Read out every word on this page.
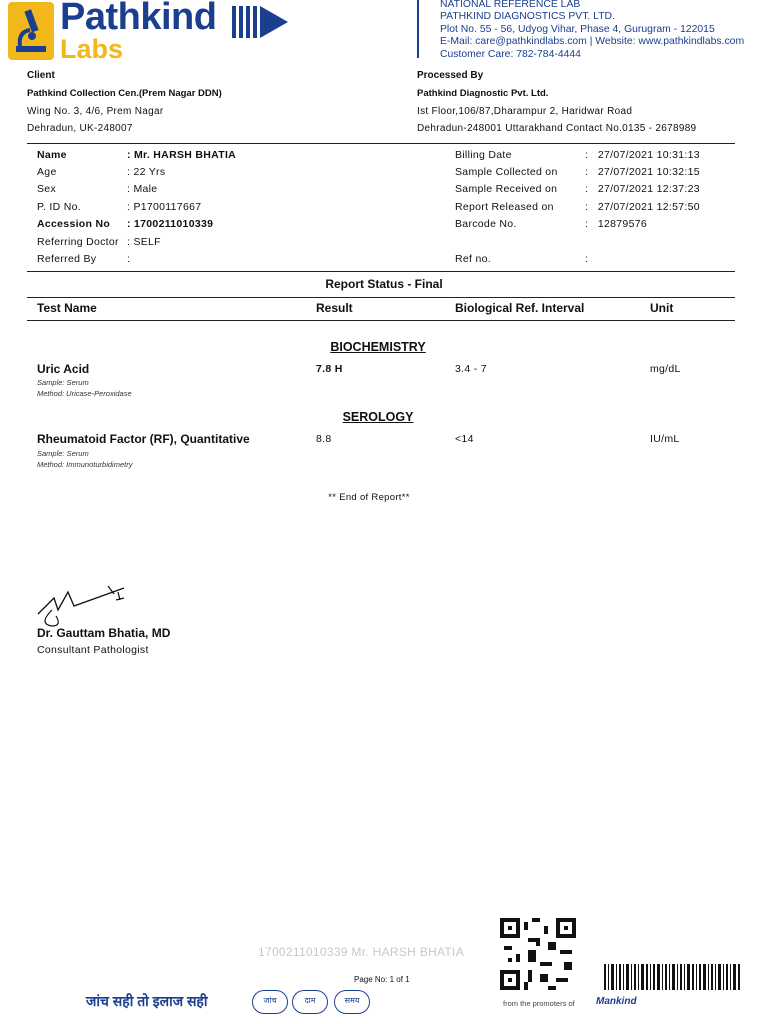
Pathkind
Labs
NATIONAL REFERENCE LAB
PATHKIND DIAGNOSTICS PVT. LTD.
Plot No. 55 - 56, Udyog Vihar, Phase 4, Gurugram - 122015
E-Mail: care@pathkindlabs.com | Website: www.pathkindlabs.com
Customer Care: 782-784-4444
Client
Pathkind Collection Cen.(Prem Nagar DDN)
Wing No. 3, 4/6, Prem Nagar
Dehradun, UK-248007
Processed By
Pathkind Diagnostic Pvt. Ltd.
Ist Floor,106/87,Dharampur 2, Haridwar Road
Dehradun-248001 Uttarakhand Contact No.0135 - 2678989
Name	: Mr. HARSH BHATIA
Age	: 22 Yrs
Sex	: Male
P. ID No.	: P1700117667
Accession No : 1700211010339
Referring Doctor : SELF
Referred By	:
Billing Date	:   27/07/2021 10:31:13
Sample Collected on	:   27/07/2021 10:32:15
Sample Received on	:   27/07/2021 12:37:23
Report Released on	:   27/07/2021 12:57:50
Barcode No.	:   12879576
Ref no.	:
Report Status - Final
Test Name	Result	Biological Ref. Interval	Unit
BIOCHEMISTRY
Uric Acid
Sample: Serum
Method: Uricase-Peroxidase
7.8 H	3.4 - 7	mg/dL
SEROLOGY
Rheumatoid Factor (RF), Quantitative
Sample: Serum
Method: Immunoturbidimetry
8.8	<14	IU/mL
** End of Report**
Dr. Gauttam Bhatia, MD
Consultant Pathologist
1700211010339 Mr. HARSH BHATIA
Page No: 1 of 1
जांच सही तो इलाज सही	जांच	दाम	समय	from the promoters of Mankind
